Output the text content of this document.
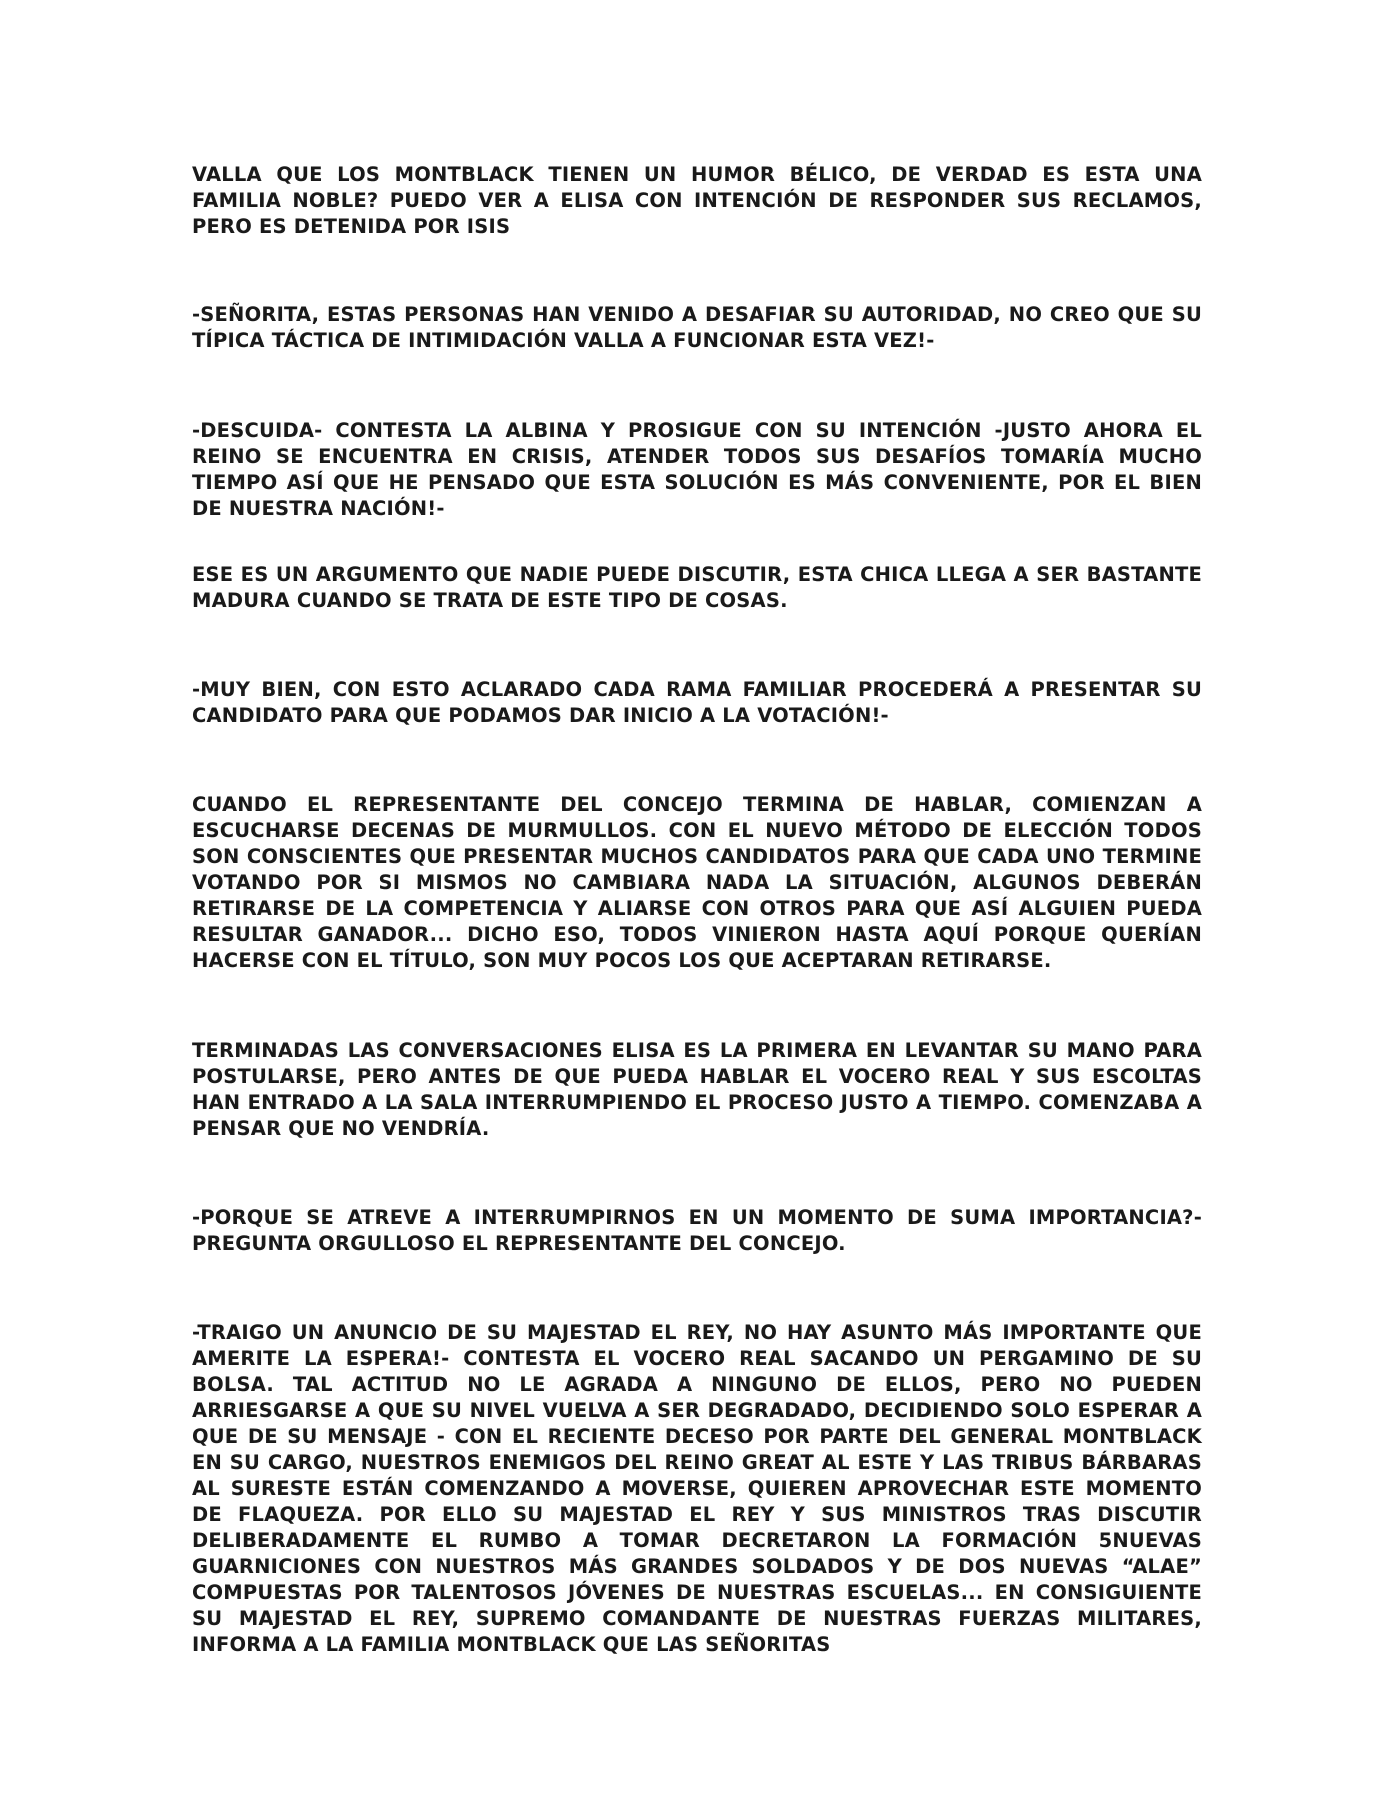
VALLA QUE LOS MONTBLACK TIENEN UN HUMOR BÉLICO, DE VERDAD ES ESTA UNA FAMILIA NOBLE? PUEDO VER A ELISA CON INTENCIÓN DE RESPONDER SUS RECLAMOS, PERO ES DETENIDA POR ISIS

-SEÑORITA, ESTAS PERSONAS HAN VENIDO A DESAFIAR SU AUTORIDAD, NO CREO QUE SU TÍPICA TÁCTICA DE INTIMIDACIÓN VALLA A FUNCIONAR ESTA VEZ!-

-DESCUIDA- CONTESTA LA ALBINA Y PROSIGUE CON SU INTENCIÓN -JUSTO AHORA EL REINO SE ENCUENTRA EN CRISIS, ATENDER TODOS SUS DESAFÍOS TOMARÍA MUCHO TIEMPO ASÍ QUE HE PENSADO QUE ESTA SOLUCIÓN ES MÁS CONVENIENTE, POR EL BIEN DE NUESTRA NACIÓN!-

ESE ES UN ARGUMENTO QUE NADIE PUEDE DISCUTIR, ESTA CHICA LLEGA A SER BASTANTE MADURA CUANDO SE TRATA DE ESTE TIPO DE COSAS.

-MUY BIEN, CON ESTO ACLARADO CADA RAMA FAMILIAR PROCEDERÁ A PRESENTAR SU CANDIDATO PARA QUE PODAMOS DAR INICIO A LA VOTACIÓN!-

CUANDO EL REPRESENTANTE DEL CONCEJO TERMINA DE HABLAR, COMIENZAN A ESCUCHARSE DECENAS DE MURMULLOS. CON EL NUEVO MÉTODO DE ELECCIÓN TODOS SON CONSCIENTES QUE PRESENTAR MUCHOS CANDIDATOS PARA QUE CADA UNO TERMINE VOTANDO POR SI MISMOS NO CAMBIARA NADA LA SITUACIÓN, ALGUNOS DEBERÁN RETIRARSE DE LA COMPETENCIA Y ALIARSE CON OTROS PARA QUE ASÍ ALGUIEN PUEDA RESULTAR GANADOR... DICHO ESO, TODOS VINIERON HASTA AQUÍ PORQUE QUERÍAN HACERSE CON EL TÍTULO, SON MUY POCOS LOS QUE ACEPTARAN RETIRARSE.

TERMINADAS LAS CONVERSACIONES ELISA ES LA PRIMERA EN LEVANTAR SU MANO PARA POSTULARSE, PERO ANTES DE QUE PUEDA HABLAR EL VOCERO REAL Y SUS ESCOLTAS HAN ENTRADO A LA SALA INTERRUMPIENDO EL PROCESO JUSTO A TIEMPO. COMENZABA A PENSAR QUE NO VENDRÍA.

-PORQUE SE ATREVE A INTERRUMPIRNOS EN UN MOMENTO DE SUMA IMPORTANCIA?- PREGUNTA ORGULLOSO EL REPRESENTANTE DEL CONCEJO.

-TRAIGO UN ANUNCIO DE SU MAJESTAD EL REY, NO HAY ASUNTO MÁS IMPORTANTE QUE AMERITE LA ESPERA!- CONTESTA EL VOCERO REAL SACANDO UN PERGAMINO DE SU BOLSA. TAL ACTITUD NO LE AGRADA A NINGUNO DE ELLOS, PERO NO PUEDEN ARRIESGARSE A QUE SU NIVEL VUELVA A SER DEGRADADO, DECIDIENDO SOLO ESPERAR A QUE DE SU MENSAJE - CON EL RECIENTE DECESO POR PARTE DEL GENERAL MONTBLACK EN SU CARGO, NUESTROS ENEMIGOS DEL REINO GREAT AL ESTE Y LAS TRIBUS BÁRBARAS AL SURESTE ESTÁN COMENZANDO A MOVERSE, QUIEREN APROVECHAR ESTE MOMENTO DE FLAQUEZA. POR ELLO SU MAJESTAD EL REY Y SUS MINISTROS TRAS DISCUTIR DELIBERADAMENTE EL RUMBO A TOMAR DECRETARON LA FORMACIÓN 5NUEVAS GUARNICIONES CON NUESTROS MÁS GRANDES SOLDADOS Y DE DOS NUEVAS “ALAE” COMPUESTAS POR TALENTOSOS JÓVENES DE NUESTRAS ESCUELAS... EN CONSIGUIENTE SU MAJESTAD EL REY, SUPREMO COMANDANTE DE NUESTRAS FUERZAS MILITARES, INFORMA A LA FAMILIA MONTBLACK QUE LAS SEÑORITAS
